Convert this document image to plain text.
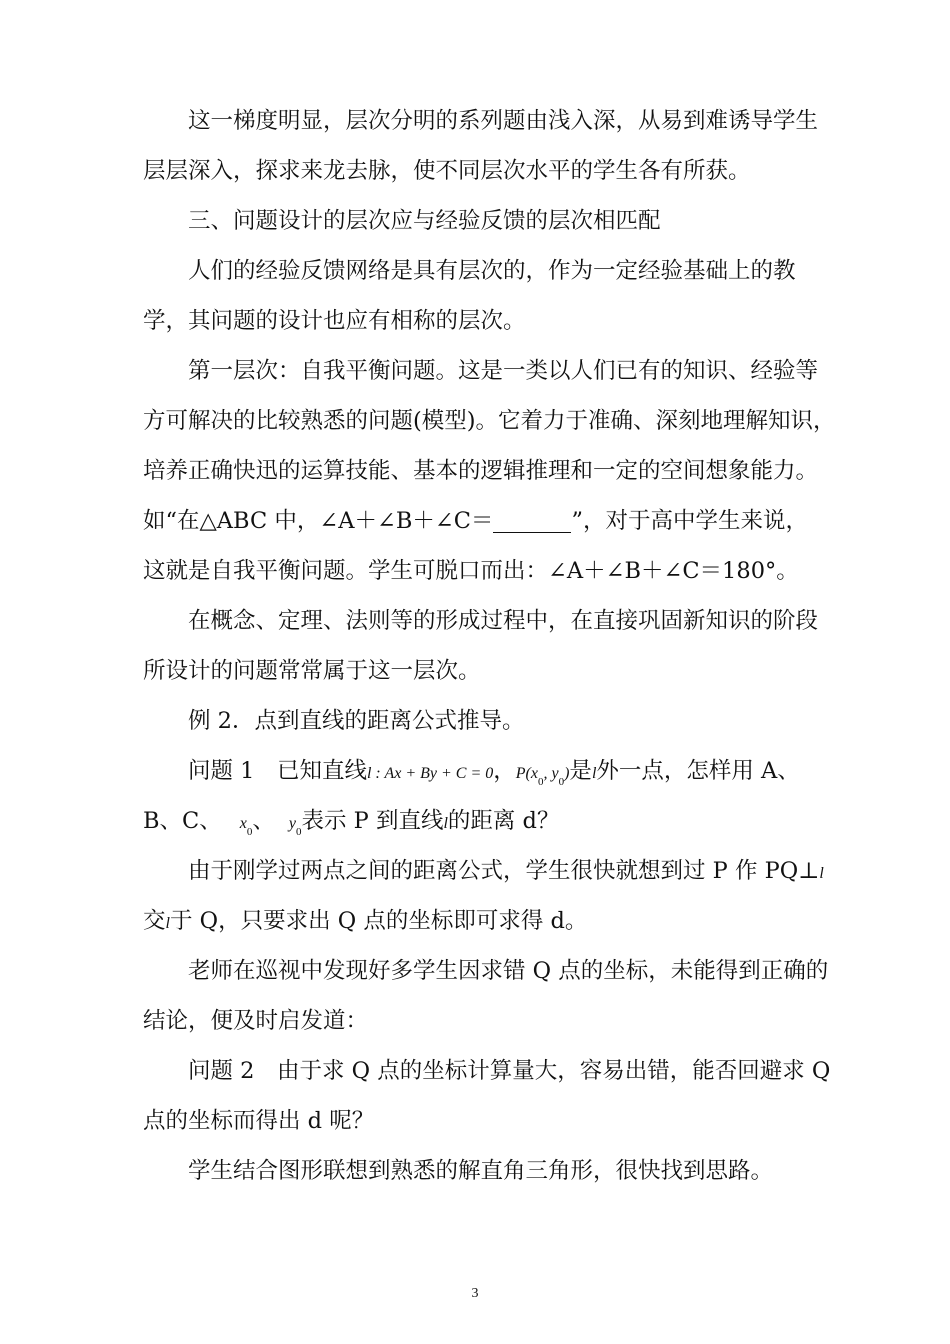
这一梯度明显，层次分明的系列题由浅入深，从易到难诱导学生
层层深入，探求来龙去脉，使不同层次水平的学生各有所获。
三、问题设计的层次应与经验反馈的层次相匹配
人们的经验反馈网络是具有层次的，作为一定经验基础上的教
学，其问题的设计也应有相称的层次。
第一层次：自我平衡问题。这是一类以人们已有的知识、经验等
方可解决的比较熟悉的问题(模型)。它着力于准确、深刻地理解知识，
培养正确快迅的运算技能、基本的逻辑推理和一定的空间想象能力。
如“在△ABC 中，∠A＋∠B＋∠C＝	”，对于高中学生来说，
这就是自我平衡问题。学生可脱口而出：∠A＋∠B＋∠C＝180°。
在概念、定理、法则等的形成过程中，在直接巩固新知识的阶段
所设计的问题常常属于这一层次。
例 2．点到直线的距离公式推导。
问题 1　已知直线l : Ax + By + C = 0，$P(x_0$, $y_0$)是l外一点，怎样用 A、
B、C、 $x_0$、 $y_0$表示 P 到直线l的距离 d？
由于刚学过两点之间的距离公式，学生很快就想到过 P 作 PQ⊥l
交l于 Q，只要求出 Q 点的坐标即可求得 d。
老师在巡视中发现好多学生因求错 Q 点的坐标，未能得到正确的
结论，便及时启发道：
问题 2　由于求 Q 点的坐标计算量大，容易出错，能否回避求 Q
点的坐标而得出 d 呢？
学生结合图形联想到熟悉的解直角三角形，很快找到思路。
3
